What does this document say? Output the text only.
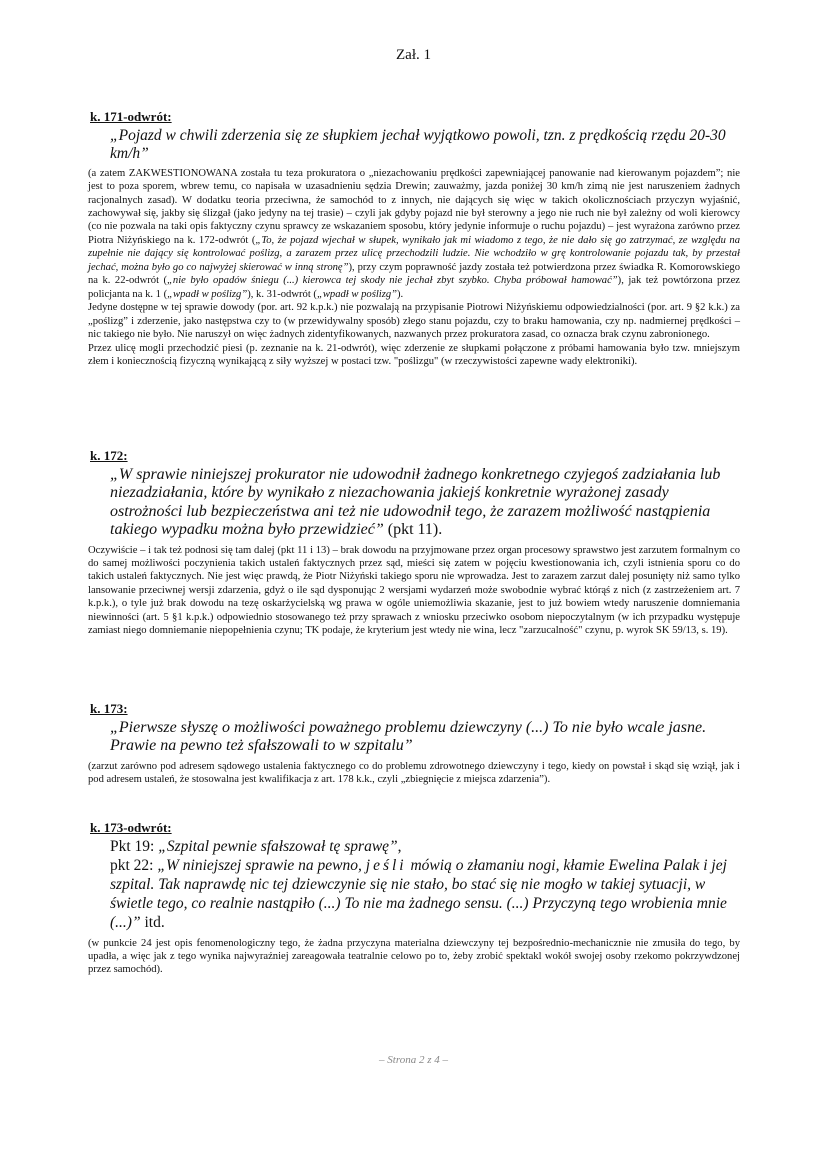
Zał. 1
k. 171-odwrót:
„Pojazd w chwili zderzenia się ze słupkiem jechał wyjątkowo powoli, tzn. z prędkością rzędu 20-30 km/h”

(a zatem ZAKWESTIONOWANA została tu teza prokuratora o „niezachowaniu prędkości zapewniającej panowanie nad kierowanym pojazdem”; nie jest to poza sporem, wbrew temu, co napisała w uzasadnieniu sędzia Drewin; zauważmy, jazda poniżej 30 km/h zimą nie jest naruszeniem żadnych racjonalnych zasad). W dodatku teoria przeciwna, że samochód to z innych, nie dających się więc w takich okolicznościach przyczyn wyjaśnić, zachowywał się, jakby się ślizgał (jako jedyny na tej trasie) – czyli jak gdyby pojazd nie był sterowny a jego nie ruch nie był zależny od woli kierowcy (co nie pozwala na taki opis faktyczny czynu sprawcy ze wskazaniem sposobu, który jedynie informuje o ruchu pojazdu) – jest wyrażona zarówno przez Piotra Niżyńskiego na k. 172-odwrót („To, że pojazd wjechał w słupek, wynikało jak mi wiadomo z tego, że nie dało się go zatrzymać, ze względu na zupełnie nie dający się kontrolować poślizg, a zarazem przez ulicę przechodzili ludzie. Nie wchodziło w grę kontrolowanie pojazdu tak, by przestał jechać, można było go co najwyżej skierować w inną stronę”), przy czym poprawność jazdy została też potwierdzona przez świadka R. Komorowskiego na k. 22-odwrót („nie było opadów śniegu (...) kierowca tej skody nie jechał zbyt szybko. Chyba próbował hamować”), jak też powtórzona przez policjanta na k. 1 („wpadł w poślizg”), k. 31-odwrót („wpadł w poślizg”).

Jedyne dostępne w tej sprawie dowody (por. art. 92 k.p.k.) nie pozwalają na przypisanie Piotrowi Niżyńskiemu odpowiedzialności (por. art. 9 §2 k.k.) za „poślizg” i zderzenie, jako następstwa czy to (w przewidywalny sposób) złego stanu pojazdu, czy to braku hamowania, czy np. nadmiernej prędkości – nic takiego nie było. Nie naruszył on więc żadnych zidentyfikowanych, nazwanych przez prokuratora zasad, co oznacza brak czynu zabronionego.

Przez ulicę mogli przechodzić piesi (p. zeznanie na k. 21-odwrót), więc zderzenie ze słupkami połączone z próbami hamowania było tzw. mniejszym złem i koniecznością fizyczną wynikającą z siły wyższej w postaci tzw. "poślizgu" (w rzeczywistości zapewne wady elektroniki).

k. 172:
„W sprawie niniejszej prokurator nie udowodnił żadnego konkretnego czyjegoś zadziałania lub niezadziałania, które by wynikało z niezachowania jakiejś konkretnie wyrażonej zasady ostrożności lub bezpieczeństwa ani też nie udowodnił tego, że zarazem możliwość nastąpienia takiego wypadku można było przewidzieć” (pkt 11).

Oczywiście – i tak też podnosi się tam dalej (pkt 11 i 13) – brak dowodu na przyjmowane przez organ procesowy sprawstwo jest zarzutem formalnym co do samej możliwości poczynienia takich ustaleń faktycznych przez sąd, mieści się zatem w pojęciu kwestionowania ich, czyli istnienia sporu co do takich ustaleń faktycznych. Nie jest więc prawdą, że Piotr Niżyński takiego sporu nie wprowadza. Jest to zarazem zarzut dalej posunięty niż samo tylko lansowanie przeciwnej wersji zdarzenia, gdyż o ile sąd dysponując 2 wersjami wydarzeń może swobodnie wybrać którąś z nich (z zastrzeżeniem art. 7 k.p.k.), o tyle już brak dowodu na tezę oskarżycielską wg prawa w ogóle uniemożliwia skazanie, jest to już bowiem wtedy naruszenie domniemania niewinności (art. 5 §1 k.p.k.) odpowiednio stosowanego też przy sprawach z wniosku przeciwko osobom niepoczytalnym (w ich przypadku występuje zamiast niego domniemanie niepopełnienia czynu; TK podaje, że kryterium jest wtedy nie wina, lecz "zarzucalność" czynu, p. wyrok SK 59/13, s. 19).

k. 173:
„Pierwsze słyszę o możliwości poważnego problemu dziewczyny (...) To nie było wcale jasne. Prawie na pewno też sfałszowali to w szpitalu”

(zarzut zarówno pod adresem sądowego ustalenia faktycznego co do problemu zdrowotnego dziewczyny i tego, kiedy on powstał i skąd się wziął, jak i pod adresem ustaleń, że stosowalna jest kwalifikacja z art. 178 k.k., czyli „zbiegnięcie z miejsca zdarzenia”).

k. 173-odwrót:
Pkt 19: „Szpital pewnie sfałszował tę sprawę”,
pkt 22: „W niniejszej sprawie na pewno, jeśli mówią o złamaniu nogi, kłamie Ewelina Palak i jej szpital. Tak naprawdę nic tej dziewczynie się nie stało, bo stać się nie mogło w takiej sytuacji, w świetle tego, co realnie nastąpiło (...) To nie ma żadnego sensu. (...) Przyczyną tego wrobienia mnie (...)” itd.

(w punkcie 24 jest opis fenomenologiczny tego, że żadna przyczyna materialna dziewczyny tej bezpośrednio-mechanicznie nie zmusiła do tego, by upadła, a więc jak z tego wynika najwyraźniej zareagowała teatralnie celowo po to, żeby zrobić spektakl wokół swojej osoby rzekomo pokrzywdzonej przez samochód).

– Strona 2 z 4 –
